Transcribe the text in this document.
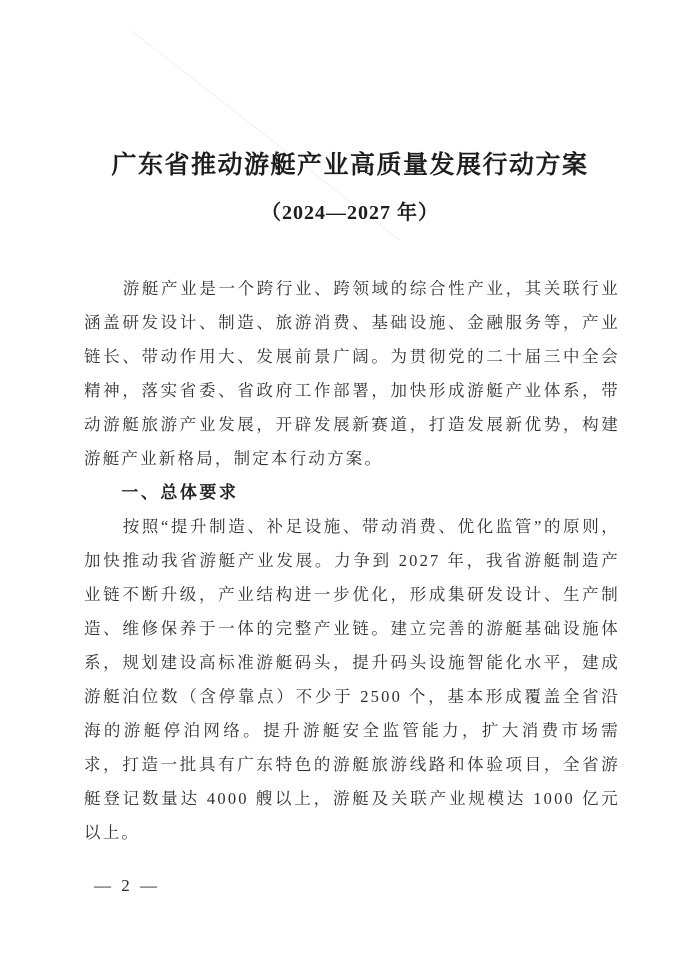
广东省推动游艇产业高质量发展行动方案
（2024—2027 年）

游艇产业是一个跨行业、跨领域的综合性产业，其关联行业涵盖研发设计、制造、旅游消费、基础设施、金融服务等，产业链长、带动作用大、发展前景广阔。为贯彻党的二十届三中全会精神，落实省委、省政府工作部署，加快形成游艇产业体系，带动游艇旅游产业发展，开辟发展新赛道，打造发展新优势，构建游艇产业新格局，制定本行动方案。

一、总体要求

按照“提升制造、补足设施、带动消费、优化监管”的原则，加快推动我省游艇产业发展。力争到 2027 年，我省游艇制造产业链不断升级，产业结构进一步优化，形成集研发设计、生产制造、维修保养于一体的完整产业链。建立完善的游艇基础设施体系，规划建设高标准游艇码头，提升码头设施智能化水平，建成游艇泊位数（含停靠点）不少于 2500 个，基本形成覆盖全省沿海的游艇停泊网络。提升游艇安全监管能力，扩大消费市场需求，打造一批具有广东特色的游艇旅游线路和体验项目，全省游艇登记数量达 4000 艘以上，游艇及关联产业规模达 1000 亿元以上。

— 2 —
